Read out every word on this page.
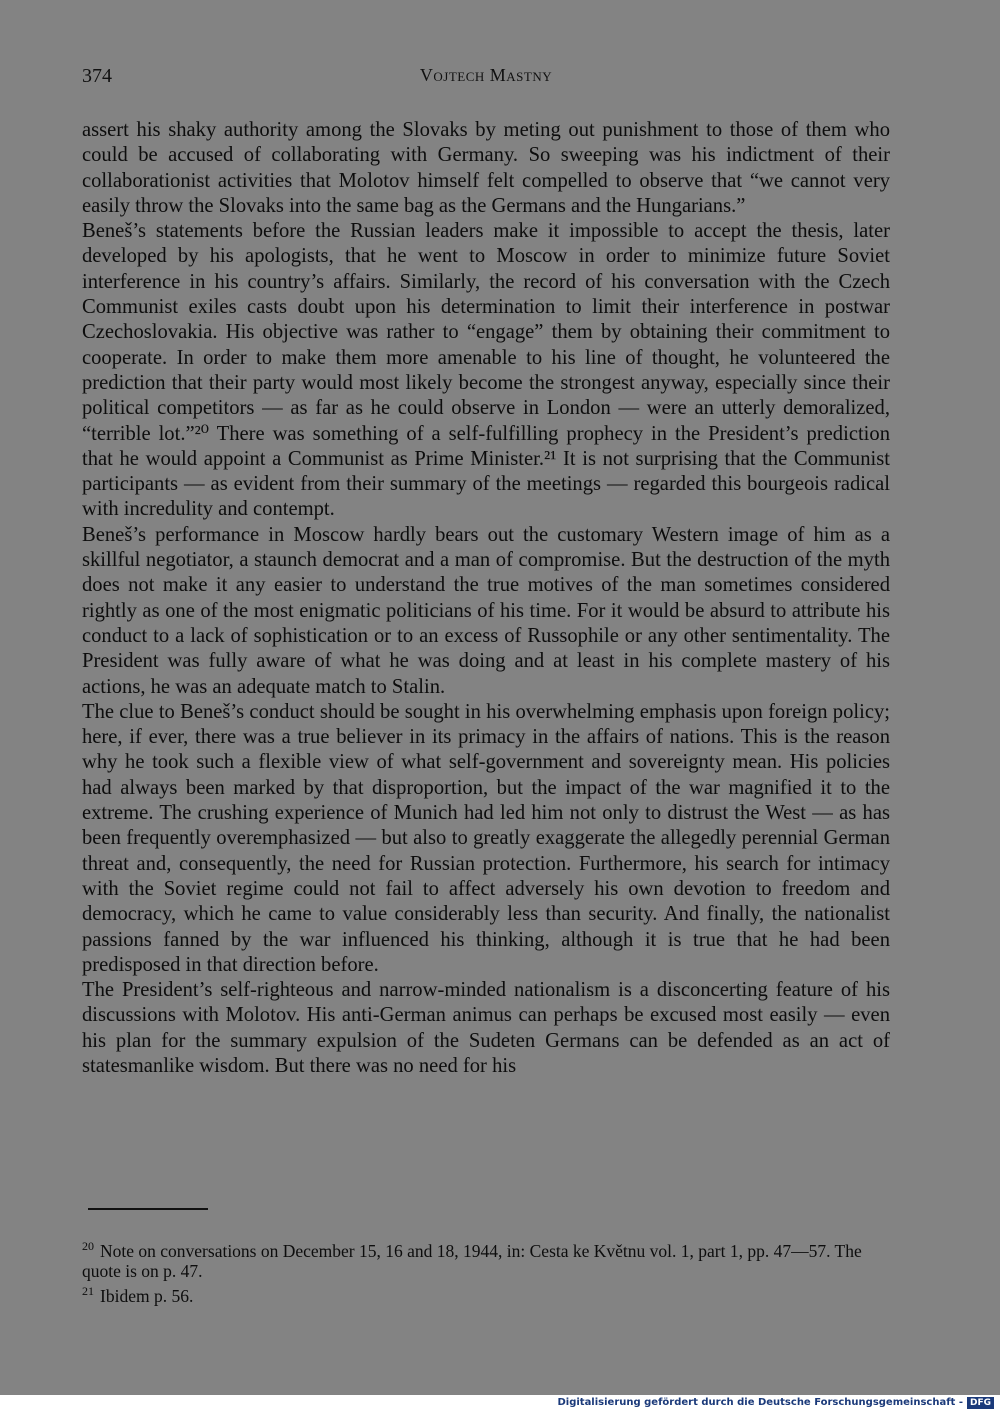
374	Vojtech Mastny

assert his shaky authority among the Slovaks by meting out punishment to those of them who could be accused of collaborating with Germany. So sweeping was his indictment of their collaborationist activities that Molotov himself felt compelled to observe that “we cannot very easily throw the Slovaks into the same bag as the Germans and the Hungarians.”

Beneš’s statements before the Russian leaders make it impossible to accept the thesis, later developed by his apologists, that he went to Moscow in order to minimize future Soviet interference in his country’s affairs. Similarly, the record of his conversation with the Czech Communist exiles casts doubt upon his determination to limit their interference in postwar Czechoslovakia. His objective was rather to “engage” them by obtaining their commitment to cooperate. In order to make them more amenable to his line of thought, he volunteered the prediction that their party would most likely become the strongest anyway, especially since their political competitors — as far as he could observe in London — were an utterly demoralized, “terrible lot.”²⁰ There was something of a self-fulfilling prophecy in the President’s prediction that he would appoint a Communist as Prime Minister.²¹ It is not surprising that the Communist participants — as evident from their summary of the meetings — regarded this bourgeois radical with incredulity and contempt.

Beneš’s performance in Moscow hardly bears out the customary Western image of him as a skillful negotiator, a staunch democrat and a man of compromise. But the destruction of the myth does not make it any easier to understand the true motives of the man sometimes considered rightly as one of the most enigmatic politicians of his time. For it would be absurd to attribute his conduct to a lack of sophistication or to an excess of Russophile or any other sentimentality. The President was fully aware of what he was doing and at least in his complete mastery of his actions, he was an adequate match to Stalin.

The clue to Beneš’s conduct should be sought in his overwhelming emphasis upon foreign policy; here, if ever, there was a true believer in its primacy in the affairs of nations. This is the reason why he took such a flexible view of what self-government and sovereignty mean. His policies had always been marked by that disproportion, but the impact of the war magnified it to the extreme. The crushing experience of Munich had led him not only to distrust the West — as has been frequently overemphasized — but also to greatly exaggerate the allegedly perennial German threat and, consequently, the need for Russian protection. Furthermore, his search for intimacy with the Soviet regime could not fail to affect adversely his own devotion to freedom and democracy, which he came to value considerably less than security. And finally, the nationalist passions fanned by the war influenced his thinking, although it is true that he had been predisposed in that direction before.

The President’s self-righteous and narrow-minded nationalism is a disconcerting feature of his discussions with Molotov. His anti-German animus can perhaps be excused most easily — even his plan for the summary expulsion of the Sudeten Germans can be defended as an act of statesmanlike wisdom. But there was no need for his

$^{20}$ Note on conversations on December 15, 16 and 18, 1944, in: Cesta ke Květnu vol. 1, part 1, pp. 47—57. The quote is on p. 47.

$^{21}$ Ibidem p. 56.

Digitalisierung gefördert durch die Deutsche Forschungsgemeinschaft - DFG
